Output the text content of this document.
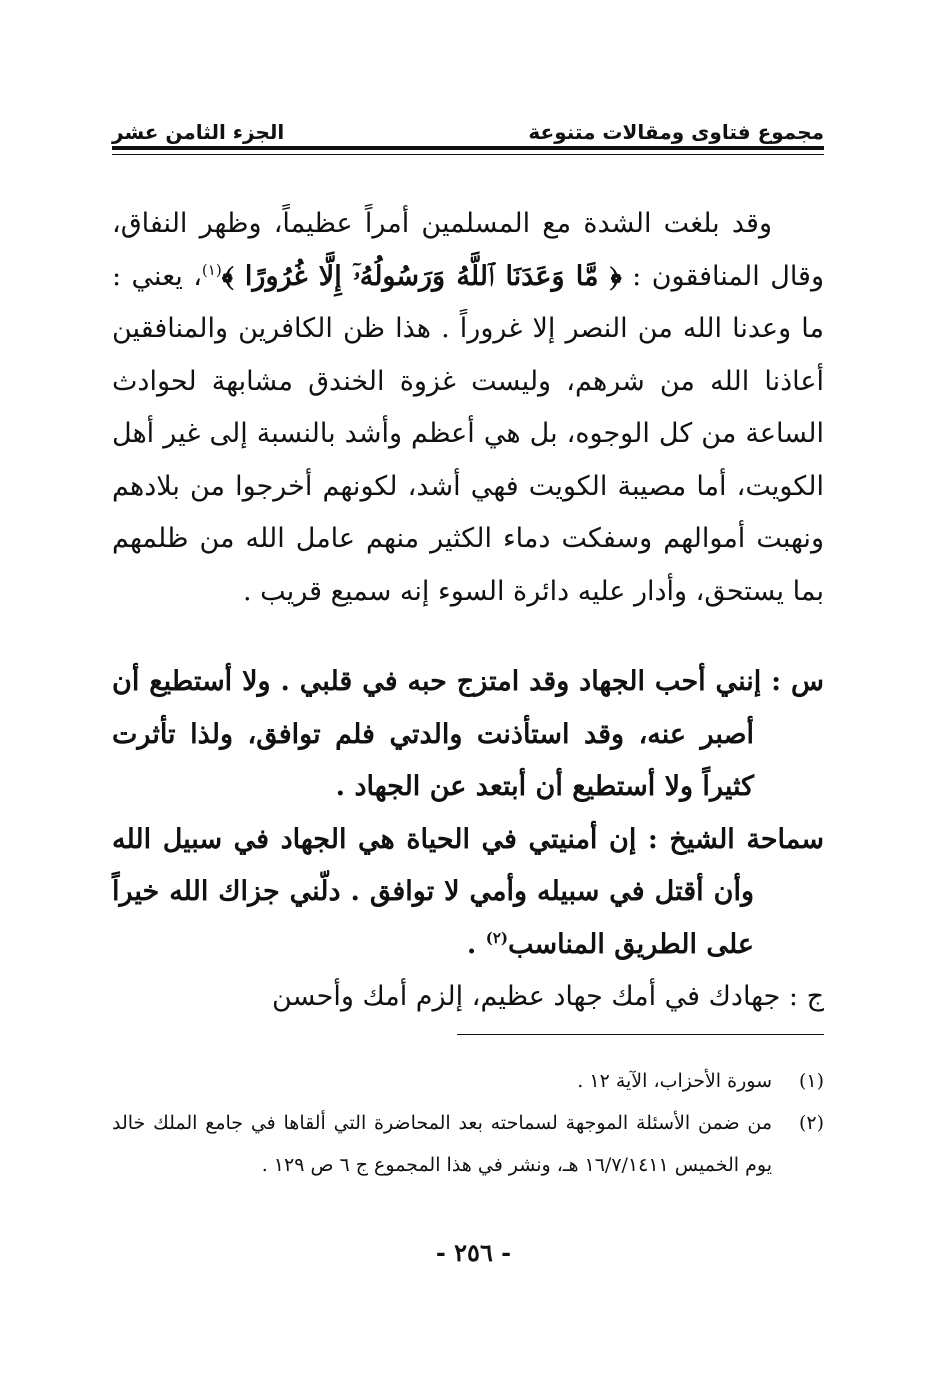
مجموع فتاوى ومقالات متنوعة
الجزء الثامن عشر

وقد بلغت الشدة مع المسلمين أمراً عظيماً، وظهر النفاق، وقال المنافقون : ﴿ مَّا وَعَدَنَا ٱللَّهُ وَرَسُولُهُۥٓ إِلَّا غُرُورًا ﴾$^{(١)}$، يعني : ما وعدنا الله من النصر إلا غروراً . هذا ظن الكافرين والمنافقين أعاذنا الله من شرهم، وليست غزوة الخندق مشابهة لحوادث الساعة من كل الوجوه، بل هي أعظم وأشد بالنسبة إلى غير أهل الكويت، أما مصيبة الكويت فهي أشد، لكونهم أخرجوا من بلادهم ونهبت أموالهم وسفكت دماء الكثير منهم عامل الله من ظلمهم بما يستحق، وأدار عليه دائرة السوء إنه سميع قريب .

س : إنني أحب الجهاد وقد امتزج حبه في قلبي . ولا أستطيع أن أصبر عنه، وقد استأذنت والدتي فلم توافق، ولذا تأثرت كثيراً ولا أستطيع أن أبتعد عن الجهاد .

سماحة الشيخ : إن أمنيتي في الحياة هي الجهاد في سبيل الله وأن أقتل في سبيله وأمي لا توافق . دلّني جزاك الله خيراً على الطريق المناسب$^{(٢)}$ .

ج : جهادك في أمك جهاد عظيم، إلزم أمك وأحسن

(١)
سورة الأحزاب، الآية ١٢ .
(٢)
من ضمن الأسئلة الموجهة لسماحته بعد المحاضرة التي ألقاها في جامع الملك خالد يوم الخميس ١٦/٧/١٤١١ هـ، ونشر في هذا المجموع ج ٦ ص ١٢٩ .
- ٢٥٦ -
